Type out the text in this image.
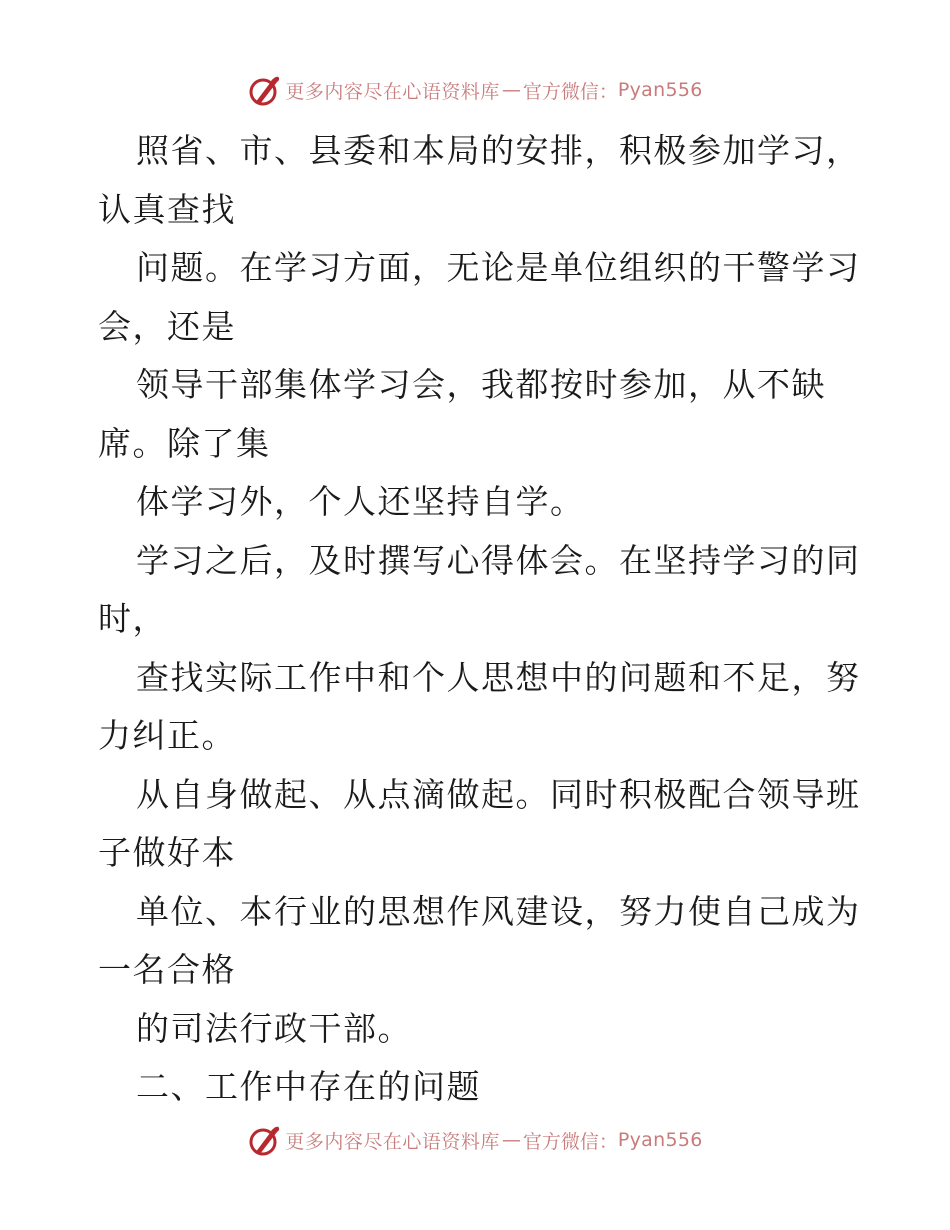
更多内容尽在心语资料库 — 官方微信： Pyan556
照省、市、县委和本局的安排，积极参加学习，
认真查找
问题。在学习方面，无论是单位组织的干警学习
会，还是
领导干部集体学习会，我都按时参加，从不缺
席。除了集
体学习外，个人还坚持自学。
学习之后，及时撰写心得体会。在坚持学习的同
时，
查找实际工作中和个人思想中的问题和不足，努
力纠正。
从自身做起、从点滴做起。同时积极配合领导班
子做好本
单位、本行业的思想作风建设，努力使自己成为
一名合格
的司法行政干部。
二、工作中存在的问题
更多内容尽在心语资料库 — 官方微信： Pyan556
